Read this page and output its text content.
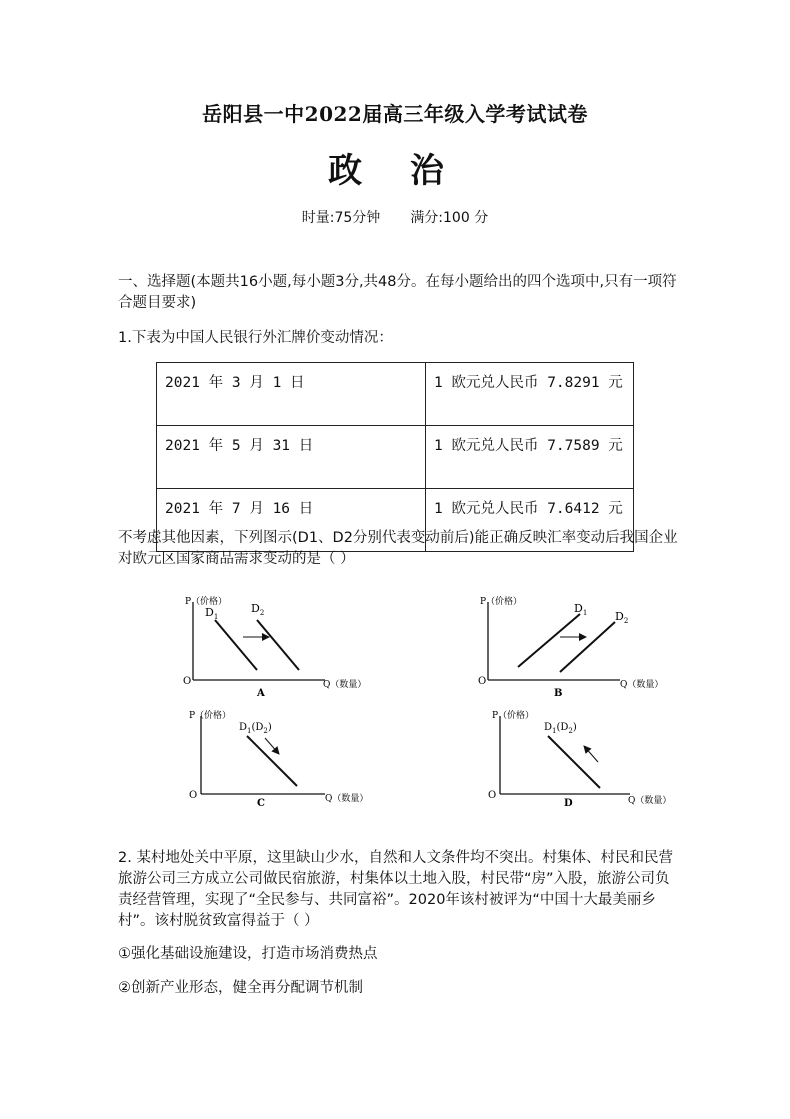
岳阳县一中2022届高三年级入学考试试卷
政 治
时量:75分钟 满分:100 分
一、选择题(本题共16小题,每小题3分,共48分。在每小题给出的四个选项中,只有一项符合题目要求)
1.下表为中国人民银行外汇牌价变动情况：
2021 年 3 月 1 日	1 欧元兑人民币 7.8291 元
2021 年 5 月 31 日	1 欧元兑人民币 7.7589 元
2021 年 7 月 16 日	1 欧元兑人民币 7.6412 元
不考虑其他因素，下列图示(D1、D2分别代表变动前后)能正确反映汇率变动后我国企业对欧元区国家商品需求变动的是（ ）
P（价格）
O	Q（数量）
$D_1$
$D_2$
A
P（价格）
O	Q（数量）
$D_1$	$D_2$
B
P（价格）
O	Q（数量）
$D_1(D_2)$
C
P（价格）
O	Q（数量）
$D_1(D_2)$
D
2. 某村地处关中平原，这里缺山少水，自然和人文条件均不突出。村集体、村民和民营旅游公司三方成立公司做民宿旅游，村集体以土地入股，村民带“房”入股，旅游公司负责经营管理，实现了“全民参与、共同富裕”。2020年该村被评为“中国十大最美丽乡村”。该村脱贫致富得益于（ ）
①强化基础设施建设，打造市场消费热点
②创新产业形态，健全再分配调节机制
